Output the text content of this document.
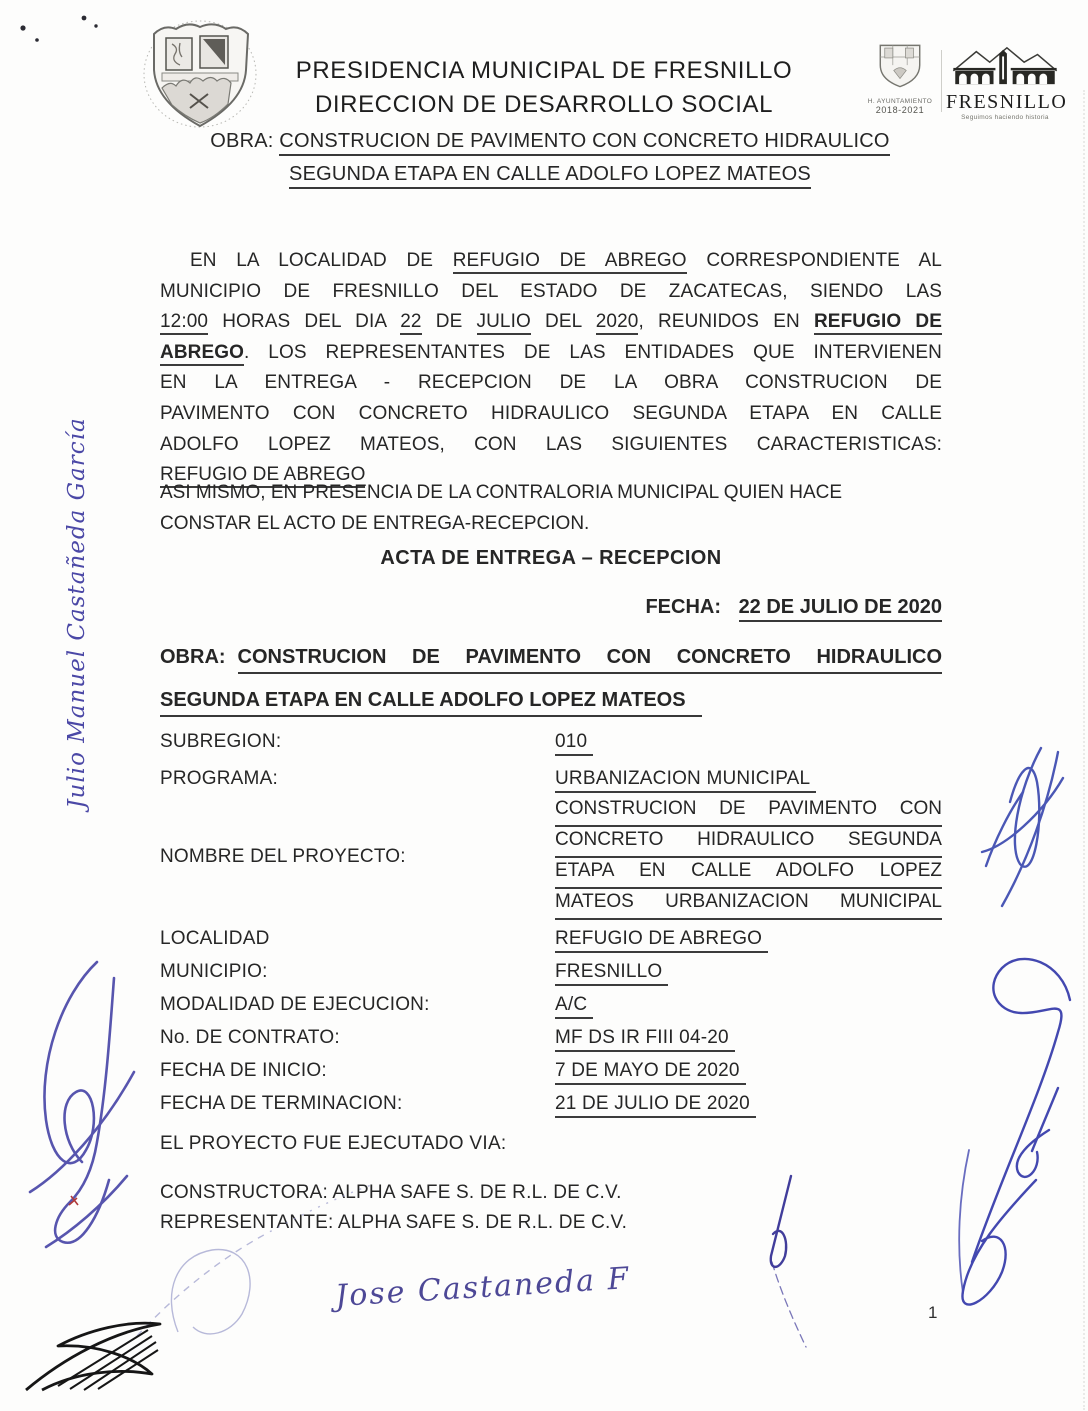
PRESIDENCIA MUNICIPAL DE FRESNILLO
DIRECCION DE DESARROLLO SOCIAL
OBRA: CONSTRUCION DE PAVIMENTO CON CONCRETO HIDRAULICO
SEGUNDA ETAPA EN CALLE ADOLFO LOPEZ MATEOS
H. AYUNTAMIENTO
2018-2021	FRESNILLO
Seguimos haciendo historia
EN LA LOCALIDAD DE REFUGIO DE ABREGO CORRESPONDIENTE AL
MUNICIPIO DE FRESNILLO DEL ESTADO DE ZACATECAS, SIENDO LAS
12:00 HORAS DEL DIA 22 DE JULIO DEL 2020, REUNIDOS EN REFUGIO DE
ABREGO. LOS REPRESENTANTES DE LAS ENTIDADES QUE INTERVIENEN
EN LA ENTREGA - RECEPCION DE LA OBRA CONSTRUCION DE
PAVIMENTO CON CONCRETO HIDRAULICO SEGUNDA ETAPA EN CALLE
ADOLFO LOPEZ MATEOS, CON LAS SIGUIENTES CARACTERISTICAS:
REFUGIO DE ABREGO
ASI MISMO, EN PRESENCIA DE LA CONTRALORIA MUNICIPAL QUIEN HACE
CONSTAR EL ACTO DE ENTREGA-RECEPCION.
ACTA DE ENTREGA – RECEPCION
FECHA: 22 DE JULIO DE 2020
OBRA: CONSTRUCION DE PAVIMENTO CON CONCRETO HIDRAULICO
SEGUNDA ETAPA EN CALLE ADOLFO LOPEZ MATEOS
SUBREGION:	010
PROGRAMA:	URBANIZACION MUNICIPAL
NOMBRE DEL PROYECTO:
CONSTRUCION DE PAVIMENTO CON
CONCRETO HIDRAULICO SEGUNDA
ETAPA EN CALLE ADOLFO LOPEZ
MATEOS URBANIZACION MUNICIPAL
LOCALIDAD	REFUGIO DE ABREGO
MUNICIPIO:	FRESNILLO
MODALIDAD DE EJECUCION:	A/C
No. DE CONTRATO:	MF DS IR FIII 04-20
FECHA DE INICIO:	7 DE MAYO DE 2020
FECHA DE TERMINACION:	21 DE JULIO DE 2020
EL PROYECTO FUE EJECUTADO VIA:
CONSTRUCTORA: ALPHA SAFE S. DE R.L. DE C.V.
REPRESENTANTE: ALPHA SAFE S. DE R.L. DE C.V.
1
Julio Manuel Castañeda García
Jose Castaneda F
